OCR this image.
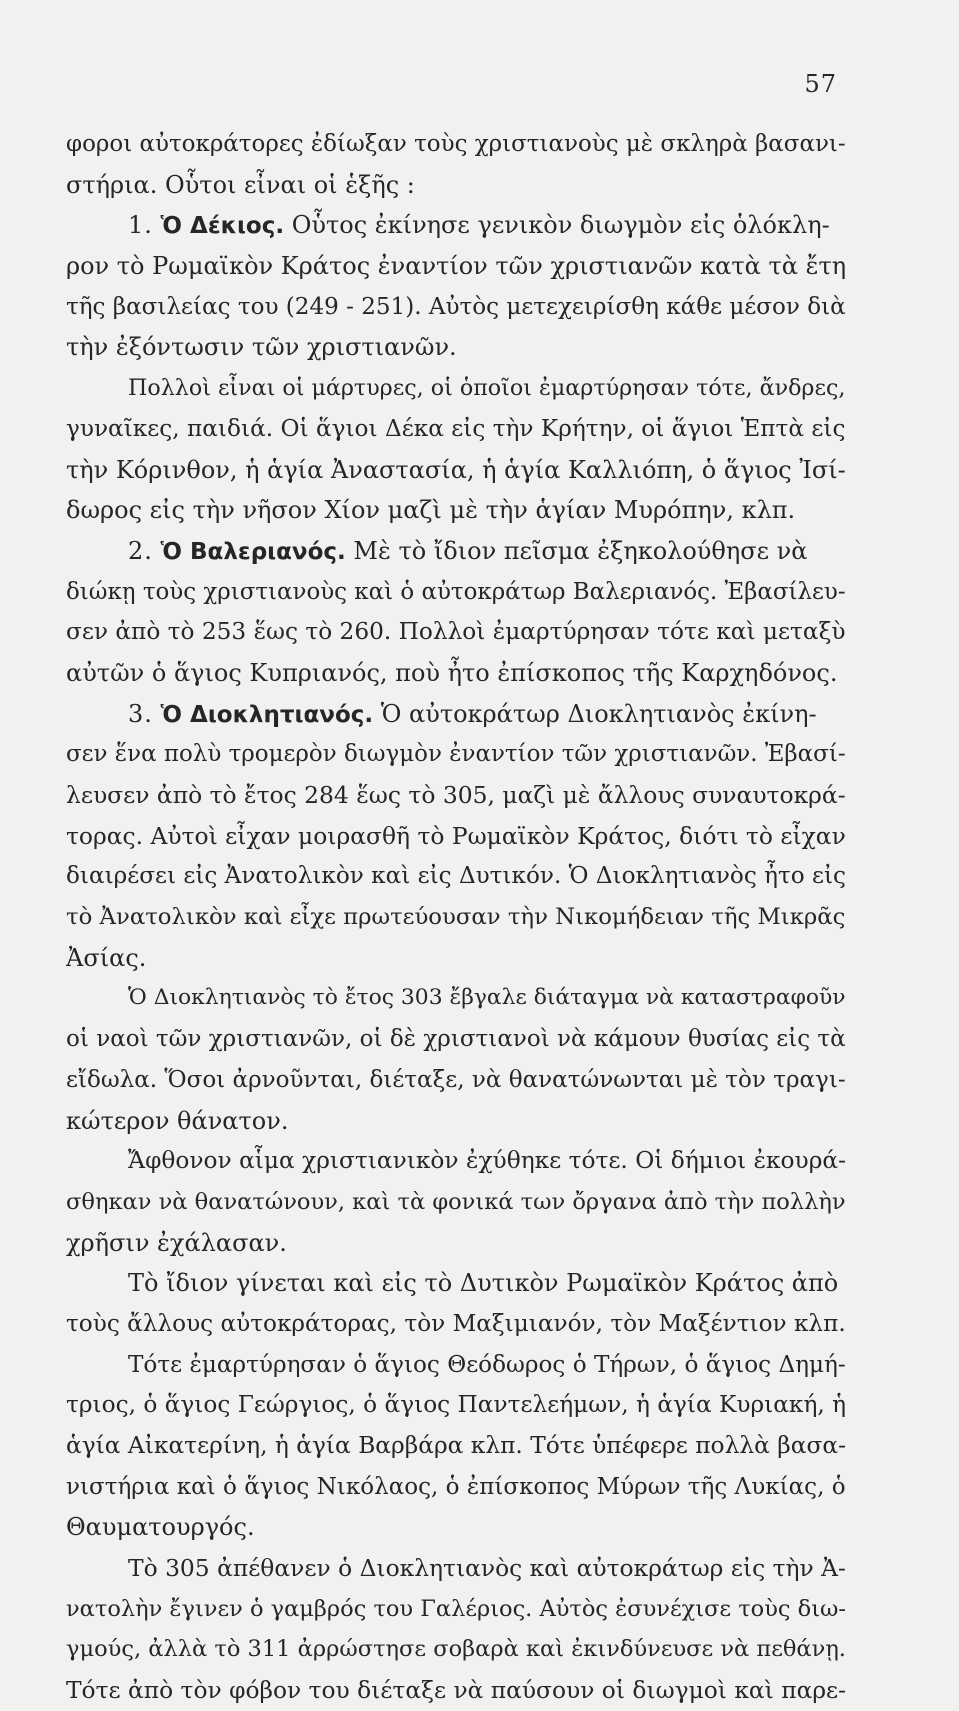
57
φοροι αὐτοκράτορες ἐδίωξαν τοὺς χριστιανοὺς μὲ σκληρὰ βασανι-
στήρια. Οὗτοι εἶναι οἱ ἑξῆς :
1. Ὁ Δέκιος. Οὗτος ἐκίνησε γενικὸν διωγμὸν εἰς ὁλόκλη-
ρον τὸ Ρωμαϊκὸν Κράτος ἐναντίον τῶν χριστιανῶν κατὰ τὰ ἔτη
τῆς βασιλείας του (249 - 251). Αὐτὸς μετεχειρίσθη κάθε μέσον διὰ
τὴν ἐξόντωσιν τῶν χριστιανῶν.
Πολλοὶ εἶναι οἱ μάρτυρες, οἱ ὁποῖοι ἐμαρτύρησαν τότε, ἄνδρες,
γυναῖκες, παιδιά. Οἱ ἅγιοι Δέκα εἰς τὴν Κρήτην, οἱ ἅγιοι Ἑπτὰ εἰς
τὴν Κόρινθον, ἡ ἁγία Ἀναστασία, ἡ ἁγία Καλλιόπη, ὁ ἅγιος Ἰσί-
δωρος εἰς τὴν νῆσον Χίον μαζὶ μὲ τὴν ἁγίαν Μυρόπην, κλπ.
2. Ὁ Βαλεριανός. Μὲ τὸ ἴδιον πεῖσμα ἐξηκολούθησε νὰ
διώκῃ τοὺς χριστιανοὺς καὶ ὁ αὐτοκράτωρ Βαλεριανός. Ἐβασίλευ-
σεν ἀπὸ τὸ 253 ἕως τὸ 260. Πολλοὶ ἐμαρτύρησαν τότε καὶ μεταξὺ
αὐτῶν ὁ ἅγιος Κυπριανός, ποὺ ἦτο ἐπίσκοπος τῆς Καρχηδόνος.
3. Ὁ Διοκλητιανός. Ὁ αὐτοκράτωρ Διοκλητιανὸς ἐκίνη-
σεν ἕνα πολὺ τρομερὸν διωγμὸν ἐναντίον τῶν χριστιανῶν. Ἐβασί-
λευσεν ἀπὸ τὸ ἔτος 284 ἕως τὸ 305, μαζὶ μὲ ἄλλους συναυτοκρά-
τορας. Αὐτοὶ εἶχαν μοιρασθῆ τὸ Ρωμαϊκὸν Κράτος, διότι τὸ εἶχαν
διαιρέσει εἰς Ἀνατολικὸν καὶ εἰς Δυτικόν. Ὁ Διοκλητιανὸς ἦτο εἰς
τὸ Ἀνατολικὸν καὶ εἶχε πρωτεύουσαν τὴν Νικομήδειαν τῆς Μικρᾶς
Ἀσίας.
Ὁ Διοκλητιανὸς τὸ ἔτος 303 ἔβγαλε διάταγμα νὰ καταστραφοῦν
οἱ ναοὶ τῶν χριστιανῶν, οἱ δὲ χριστιανοὶ νὰ κάμουν θυσίας εἰς τὰ
εἴδωλα. Ὅσοι ἀρνοῦνται, διέταξε, νὰ θανατώνωνται μὲ τὸν τραγι-
κώτερον θάνατον.
Ἄφθονον αἷμα χριστιανικὸν ἐχύθηκε τότε. Οἱ δήμιοι ἐκουρά-
σθηκαν νὰ θανατώνουν, καὶ τὰ φονικά των ὄργανα ἀπὸ τὴν πολλὴν
χρῆσιν ἐχάλασαν.
Τὸ ἴδιον γίνεται καὶ εἰς τὸ Δυτικὸν Ρωμαϊκὸν Κράτος ἀπὸ
τοὺς ἄλλους αὐτοκράτορας, τὸν Μαξιμιανόν, τὸν Μαξέντιον κλπ.
Τότε ἐμαρτύρησαν ὁ ἅγιος Θεόδωρος ὁ Τήρων, ὁ ἅγιος Δημή-
τριος, ὁ ἅγιος Γεώργιος, ὁ ἅγιος Παντελεήμων, ἡ ἁγία Κυριακή, ἡ
ἁγία Αἰκατερίνη, ἡ ἁγία Βαρβάρα κλπ. Τότε ὑπέφερε πολλὰ βασα-
νιστήρια καὶ ὁ ἅγιος Νικόλαος, ὁ ἐπίσκοπος Μύρων τῆς Λυκίας, ὁ
Θαυματουργός.
Τὸ 305 ἀπέθανεν ὁ Διοκλητιανὸς καὶ αὐτοκράτωρ εἰς τὴν Ἀ-
νατολὴν ἔγινεν ὁ γαμβρός του Γαλέριος. Αὐτὸς ἐσυνέχισε τοὺς διω-
γμούς, ἀλλὰ τὸ 311 ἀρρώστησε σοβαρὰ καὶ ἐκινδύνευσε νὰ πεθάνῃ.
Τότε ἀπὸ τὸν φόβον του διέταξε νὰ παύσουν οἱ διωγμοὶ καὶ παρε-
